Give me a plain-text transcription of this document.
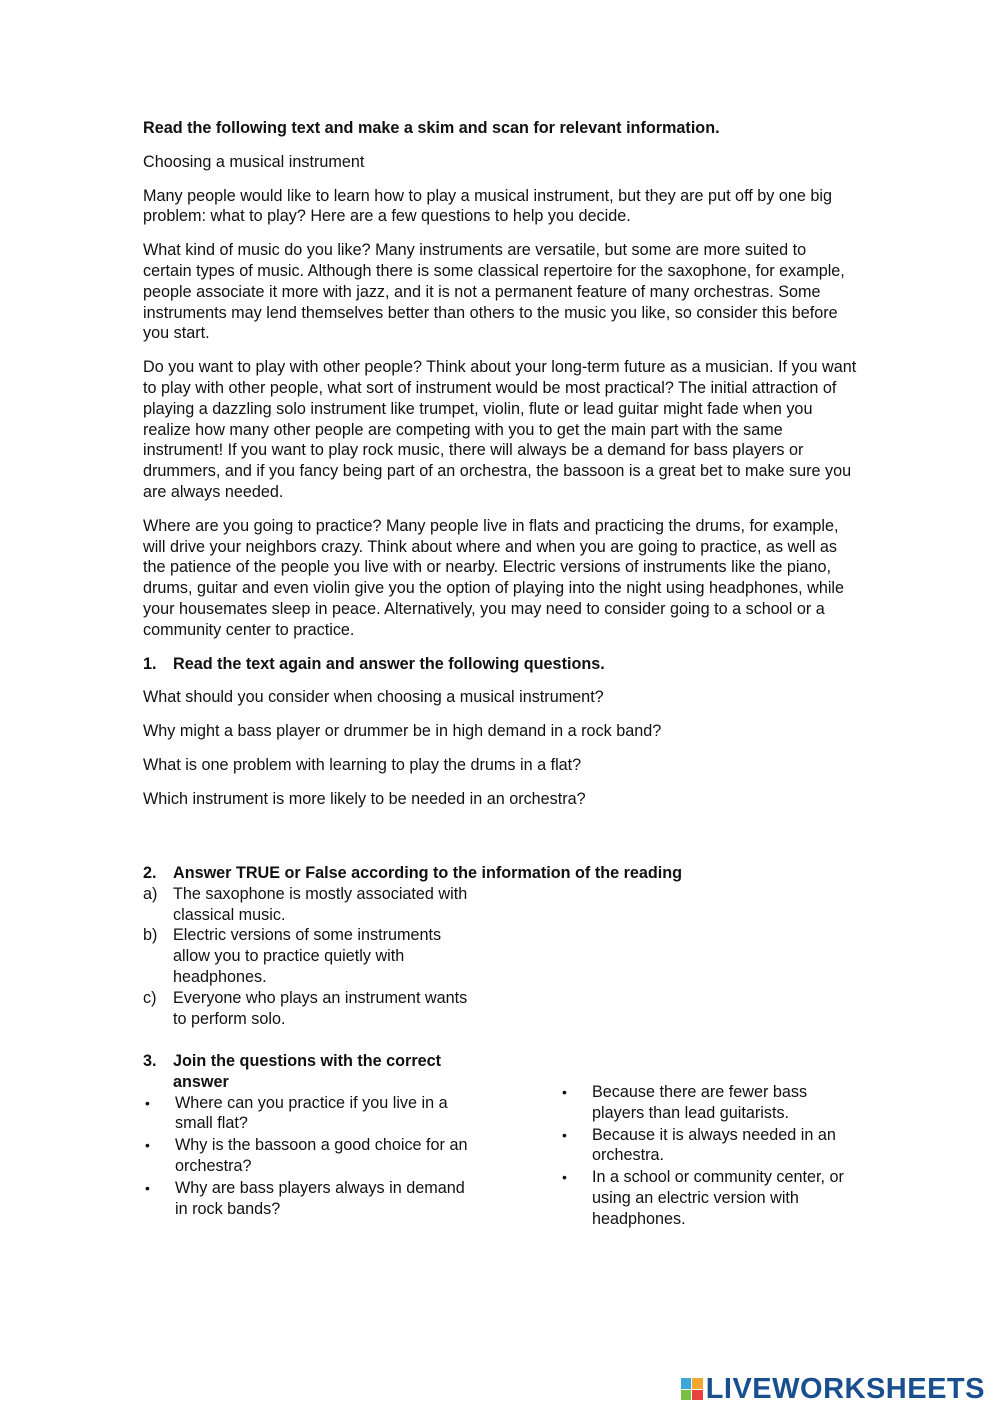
Read the following text and make a skim and scan for relevant information.

Choosing a musical instrument

Many people would like to learn how to play a musical instrument, but they are put off by one big problem: what to play? Here are a few questions to help you decide.

What kind of music do you like? Many instruments are versatile, but some are more suited to certain types of music. Although there is some classical repertoire for the saxophone, for example, people associate it more with jazz, and it is not a permanent feature of many orchestras. Some instruments may lend themselves better than others to the music you like, so consider this before you start.

Do you want to play with other people? Think about your long-term future as a musician. If you want to play with other people, what sort of instrument would be most practical? The initial attraction of playing a dazzling solo instrument like trumpet, violin, flute or lead guitar might fade when you realize how many other people are competing with you to get the main part with the same instrument! If you want to play rock music, there will always be a demand for bass players or drummers, and if you fancy being part of an orchestra, the bassoon is a great bet to make sure you are always needed.

Where are you going to practice? Many people live in flats and practicing the drums, for example, will drive your neighbors crazy. Think about where and when you are going to practice, as well as the patience of the people you live with or nearby. Electric versions of instruments like the piano, drums, guitar and even violin give you the option of playing into the night using headphones, while your housemates sleep in peace. Alternatively, you may need to consider going to a school or a community center to practice.

1.	Read the text again and answer the following questions.

What should you consider when choosing a musical instrument?

Why might a bass player or drummer be in high demand in a rock band?

What is one problem with learning to play the drums in a flat?

Which instrument is more likely to be needed in an orchestra?

2.	Answer TRUE or False according to the information of the reading
a) The saxophone is mostly associated with classical music.
b) Electric versions of some instruments allow you to practice quietly with headphones.
c)	Everyone who plays an instrument wants to perform solo.
3.	Join the questions with the correct answer
•	Where can you practice if you live in a small flat?
•	Why is the bassoon a good choice for an orchestra?
•	Why are bass players always in demand in rock bands?
•	Because there are fewer bass players than lead guitarists.
•	Because it is always needed in an orchestra.
•	In a school or community center, or using an electric version with headphones.
LIVEWORKSHEETS
